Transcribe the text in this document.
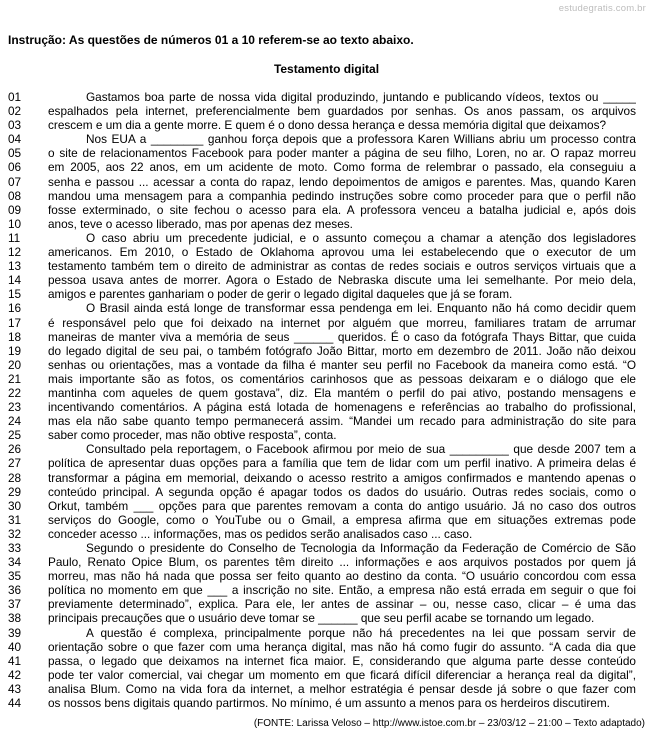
estudegratis.com.br
Instrução: As questões de números 01 a 10 referem-se ao texto abaixo.
Testamento digital
01	Gastamos boa parte de nossa vida digital produzindo, juntando e publicando vídeos, textos ou _____
02	espalhados pela internet, preferencialmente bem guardados por senhas. Os anos passam, os arquivos
03	crescem e um dia a gente morre. E quem é o dono dessa herança e dessa memória digital que deixamos?
04	Nos EUA a ________ ganhou força depois que a professora Karen Willians abriu um processo contra
05	o site de relacionamentos Facebook para poder manter a página de seu filho, Loren, no ar. O rapaz morreu
06	em 2005, aos 22 anos, em um acidente de moto. Como forma de relembrar o passado, ela conseguiu a
07	senha e passou ... acessar a conta do rapaz, lendo depoimentos de amigos e parentes. Mas, quando Karen
08	mandou uma mensagem para a companhia pedindo instruções sobre como proceder para que o perfil não
09	fosse exterminado, o site fechou o acesso para ela. A professora venceu a batalha judicial e, após dois
10	anos, teve o acesso liberado, mas por apenas dez meses.
11	O caso abriu um precedente judicial, e o assunto começou a chamar a atenção dos legisladores
12	americanos. Em 2010, o Estado de Oklahoma aprovou uma lei estabelecendo que o executor de um
13	testamento também tem o direito de administrar as contas de redes sociais e outros serviços virtuais que a
14	pessoa usava antes de morrer. Agora o Estado de Nebraska discute uma lei semelhante. Por meio dela,
15	amigos e parentes ganhariam o poder de gerir o legado digital daqueles que já se foram.
16	O Brasil ainda está longe de transformar essa pendenga em lei. Enquanto não há como decidir quem
17	é responsável pelo que foi deixado na internet por alguém que morreu, familiares tratam de arrumar
18	maneiras de manter viva a memória de seus ______ queridos. É o caso da fotógrafa Thays Bittar, que cuida
19	do legado digital de seu pai, o também fotógrafo João Bittar, morto em dezembro de 2011. João não deixou
20	senhas ou orientações, mas a vontade da filha é manter seu perfil no Facebook da maneira como está. “O
21	mais importante são as fotos, os comentários carinhosos que as pessoas deixaram e o diálogo que ele
22	mantinha com aqueles de quem gostava”, diz. Ela mantém o perfil do pai ativo, postando mensagens e
23	incentivando comentários. A página está lotada de homenagens e referências ao trabalho do profissional,
24	mas ela não sabe quanto tempo permanecerá assim. “Mandei um recado para administração do site para
25	saber como proceder, mas não obtive resposta”, conta.
26	Consultado pela reportagem, o Facebook afirmou por meio de sua _________ que desde 2007 tem a
27	política de apresentar duas opções para a família que tem de lidar com um perfil inativo. A primeira delas é
28	transformar a página em memorial, deixando o acesso restrito a amigos confirmados e mantendo apenas o
29	conteúdo principal. A segunda opção é apagar todos os dados do usuário. Outras redes sociais, como o
30	Orkut, também ___ opções para que parentes removam a conta do antigo usuário. Já no caso dos outros
31	serviços do Google, como o YouTube ou o Gmail, a empresa afirma que em situações extremas pode
32	conceder acesso ... informações, mas os pedidos serão analisados caso ... caso.
33	Segundo o presidente do Conselho de Tecnologia da Informação da Federação de Comércio de São
34	Paulo, Renato Opice Blum, os parentes têm direito ... informações e aos arquivos postados por quem já
35	morreu, mas não há nada que possa ser feito quanto ao destino da conta. “O usuário concordou com essa
36	política no momento em que ___ a inscrição no site. Então, a empresa não está errada em seguir o que foi
37	previamente determinado”, explica. Para ele, ler antes de assinar – ou, nesse caso, clicar – é uma das
38	principais precauções que o usuário deve tomar se ______ que seu perfil acabe se tornando um legado.
39	A questão é complexa, principalmente porque não há precedentes na lei que possam servir de
40	orientação sobre o que fazer com uma herança digital, mas não há como fugir do assunto. “A cada dia que
41	passa, o legado que deixamos na internet fica maior. E, considerando que alguma parte desse conteúdo
42	pode ter valor comercial, vai chegar um momento em que ficará difícil diferenciar a herança real da digital”,
43	analisa Blum. Como na vida fora da internet, a melhor estratégia é pensar desde já sobre o que fazer com
44	os nossos bens digitais quando partirmos. No mínimo, é um assunto a menos para os herdeiros discutirem.
(FONTE: Larissa Veloso – http://www.istoe.com.br – 23/03/12 – 21:00 – Texto adaptado)
